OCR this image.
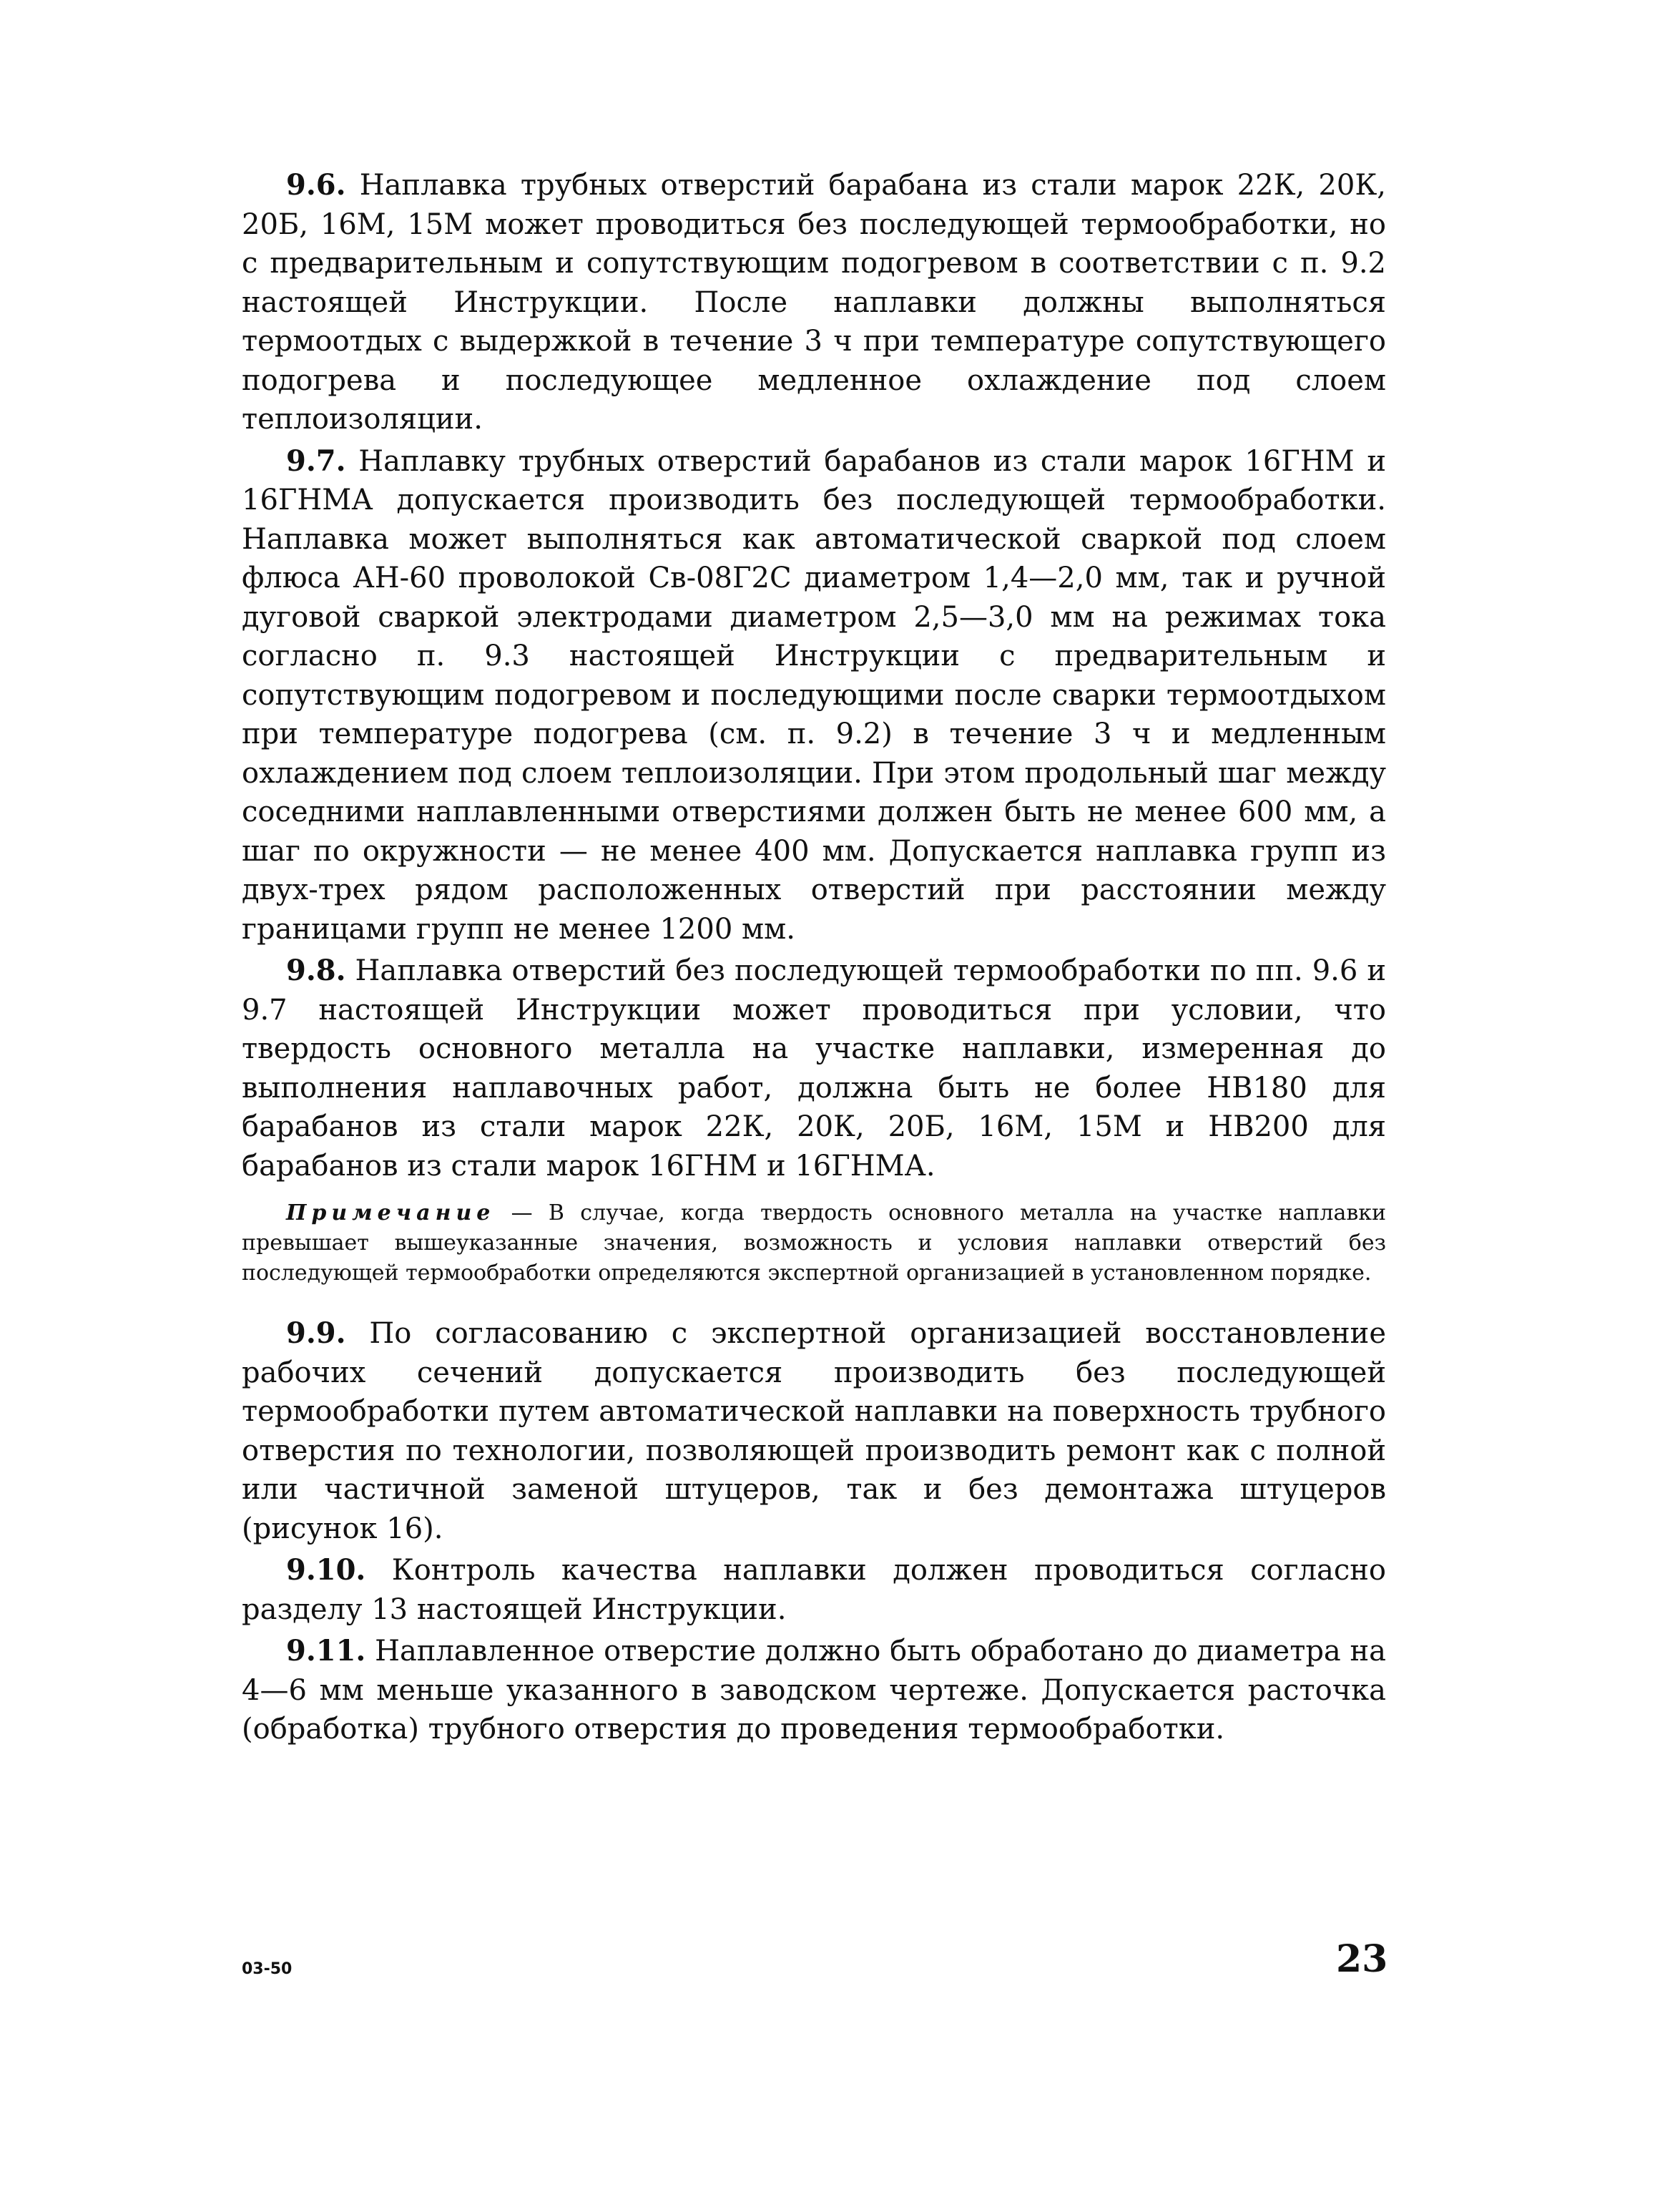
9.6. Наплавка трубных отверстий барабана из стали марок 22К, 20К, 20Б, 16М, 15М может проводиться без последующей термообработки, но с предварительным и сопутствующим подогревом в соответствии с п. 9.2 настоящей Инструкции. После наплавки должны выполняться термоотдых с выдержкой в течение 3 ч при температуре сопутствующего подогрева и последующее медленное охлаждение под слоем теплоизоляции.

9.7. Наплавку трубных отверстий барабанов из стали марок 16ГНМ и 16ГНМА допускается производить без последующей термообработки. Наплавка может выполняться как автоматической сваркой под слоем флюса АН-60 проволокой Св-08Г2С диаметром 1,4—2,0 мм, так и ручной дуговой сваркой электродами диаметром 2,5—3,0 мм на режимах тока согласно п. 9.3 настоящей Инструкции с предварительным и сопутствующим подогревом и последующими после сварки термоотдыхом при температуре подогрева (см. п. 9.2) в течение 3 ч и медленным охлаждением под слоем теплоизоляции. При этом продольный шаг между соседними наплавленными отверстиями должен быть не менее 600 мм, а шаг по окружности — не менее 400 мм. Допускается наплавка групп из двух-трех рядом расположенных отверстий при расстоянии между границами групп не менее 1200 мм.

9.8. Наплавка отверстий без последующей термообработки по пп. 9.6 и 9.7 настоящей Инструкции может проводиться при условии, что твердость основного металла на участке наплавки, измеренная до выполнения наплавочных работ, должна быть не более НВ180 для барабанов из стали марок 22К, 20К, 20Б, 16М, 15М и НВ200 для барабанов из стали марок 16ГНМ и 16ГНМА.

Примечание — В случае, когда твердость основного металла на участке наплавки превышает вышеуказанные значения, возможность и условия наплавки отверстий без последующей термообработки определяются экспертной организацией в установленном порядке.

9.9. По согласованию с экспертной организацией восстановление рабочих сечений допускается производить без последующей термообработки путем автоматической наплавки на поверхность трубного отверстия по технологии, позволяющей производить ремонт как с полной или частичной заменой штуцеров, так и без демонтажа штуцеров (рисунок 16).

9.10. Контроль качества наплавки должен проводиться согласно разделу 13 настоящей Инструкции.

9.11. Наплавленное отверстие должно быть обработано до диаметра на 4—6 мм меньше указанного в заводском чертеже. Допускается расточка (обработка) трубного отверстия до проведения термообработки.

03-50	23
